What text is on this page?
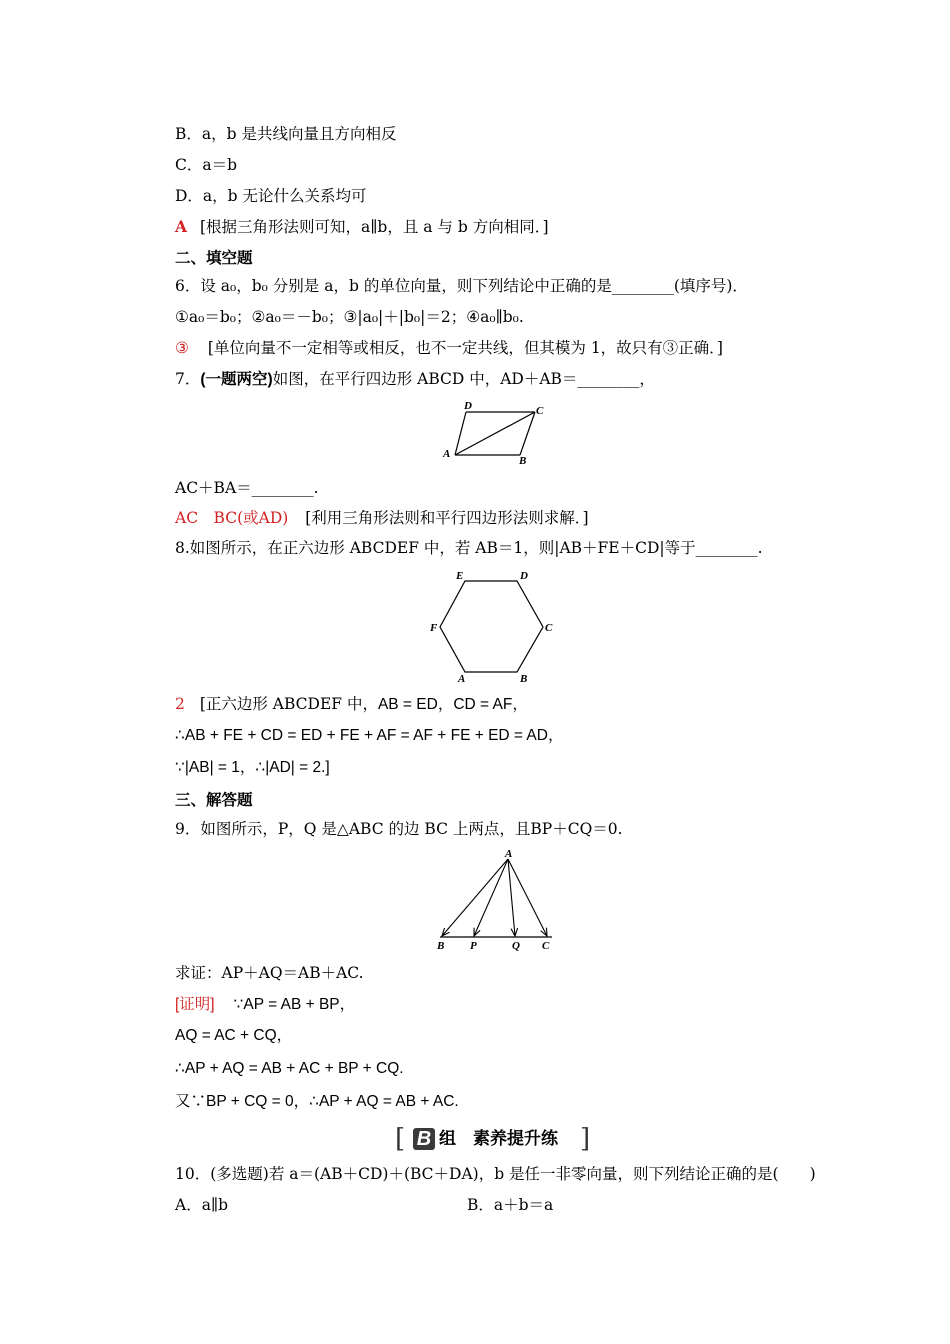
B．a，b 是共线向量且方向相反
C．a＝b
D．a，b 无论什么关系均可
A [根据三角形法则可知，a∥b，且 a 与 b 方向相同．]
二、填空题
6．设 a₀，b₀ 分别是 a，b 的单位向量，则下列结论中正确的是________(填序号)．
①a₀＝b₀；②a₀＝－b₀；③|a₀|＋|b₀|＝2；④a₀∥b₀.
③ [单位向量不一定相等或相反，也不一定共线，但其模为 1，故只有③正确．]
7．(一题两空)如图，在平行四边形 ABCD 中，AD＋AB＝________，
D	C
A
B
AC＋BA＝________.
AC　BC(或AD) [利用三角形法则和平行四边形法则求解．]
8.如图所示，在正六边形 ABCDEF 中，若 AB＝1，则|AB＋FE＋CD|等于________.
E	D
F	C
A	B
2 [正六边形 ABCDEF 中，AB = ED，CD = AF，
∴AB + FE + CD = ED + FE + AF = AF + FE + ED = AD，
∵|AB| = 1，∴|AD| = 2.]
三、解答题
9．如图所示，P，Q 是△ABC 的边 BC 上两点，且BP＋CQ＝0.
A
B P	Q C
求证：AP＋AQ＝AB＋AC.
[证明] ∵AP = AB + BP，
AQ = AC + CQ，
∴AP + AQ = AB + AC + BP + CQ.
又∵BP + CQ = 0，∴AP + AQ = AB + AC.
[ B 组　素养提升练 ]
10．(多选题)若 a＝(AB＋CD)＋(BC＋DA)，b 是任一非零向量，则下列结论正确的是(　　)
A．a∥b	B．a＋b＝a
